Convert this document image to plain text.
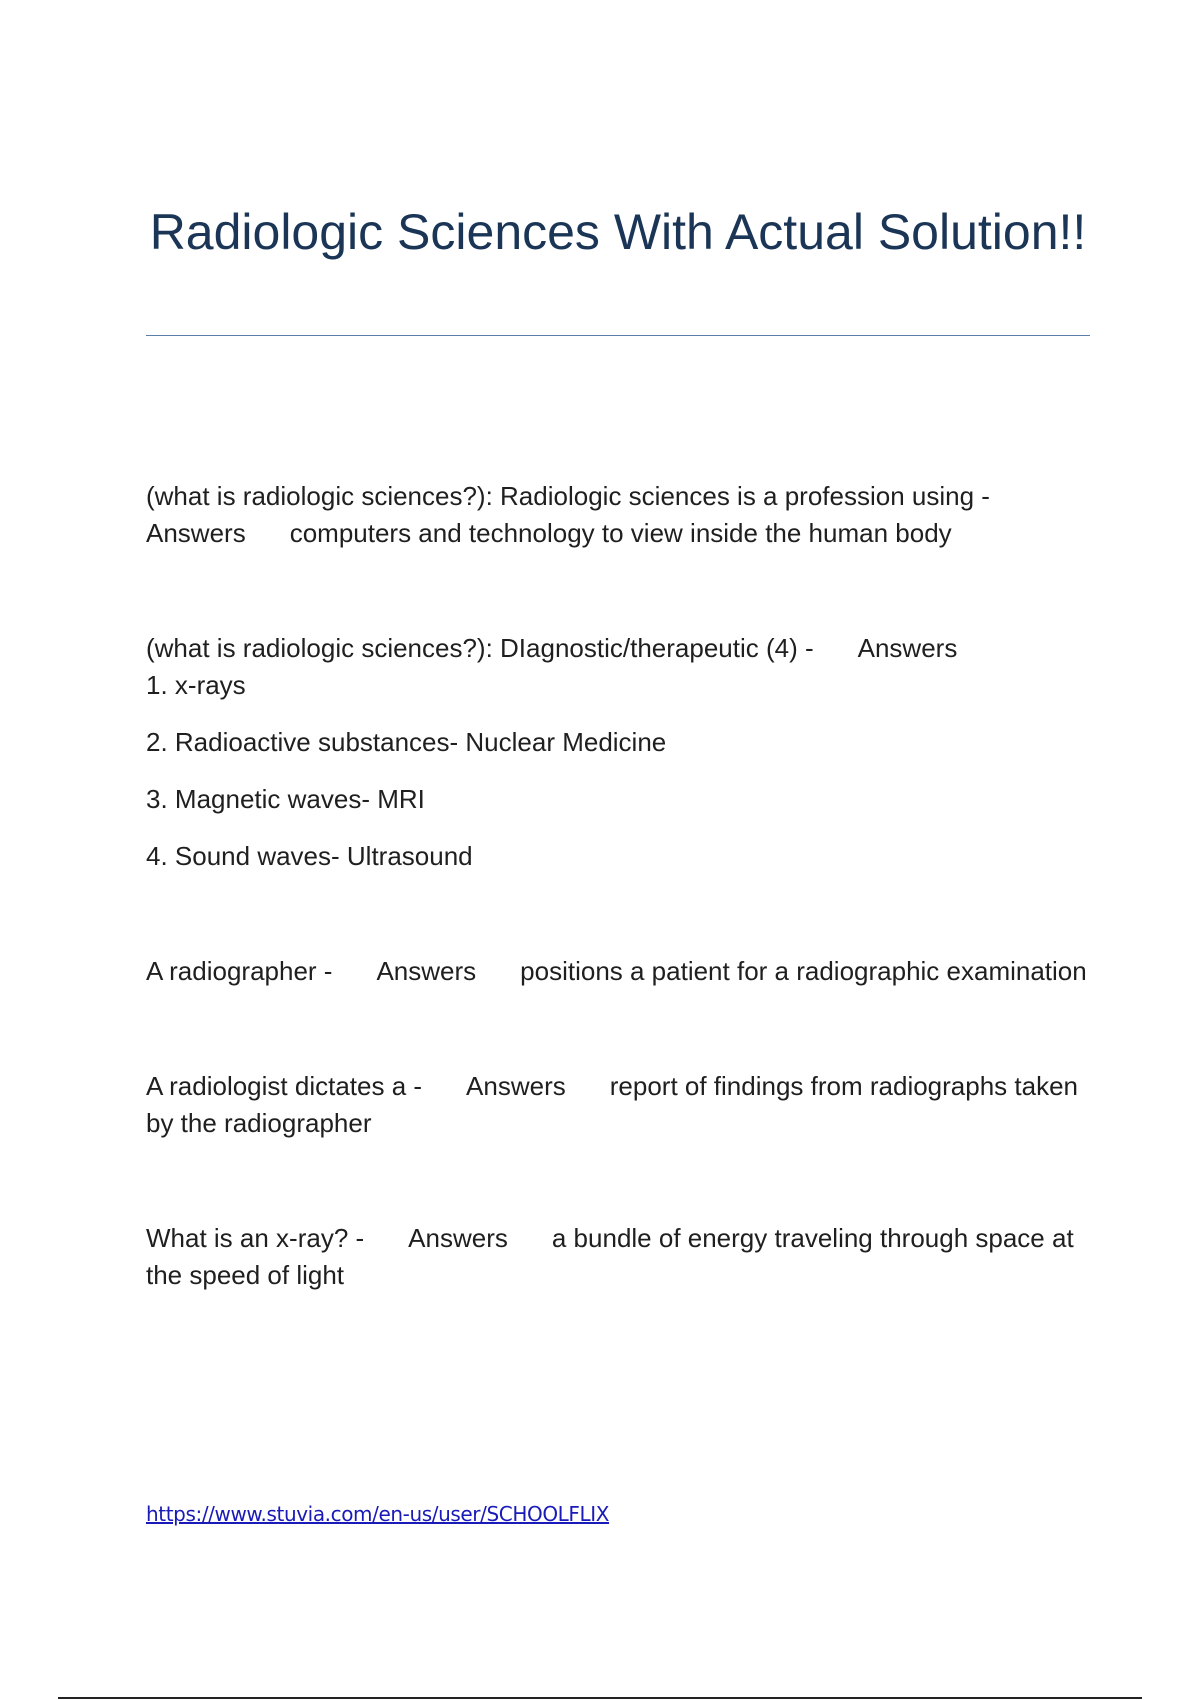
Radiologic Sciences With Actual Solution!!

(what is radiologic sciences?): Radiologic sciences is a profession using - Answers computers and technology to view inside the human body

(what is radiologic sciences?): DIagnostic/therapeutic (4) - Answers
1. x-rays

2. Radioactive substances- Nuclear Medicine

3. Magnetic waves- MRI

4. Sound waves- Ultrasound

A radiographer - Answers positions a patient for a radiographic examination

A radiologist dictates a - Answers report of findings from radiographs taken by the radiographer

What is an x-ray? - Answers a bundle of energy traveling through space at the speed of light

https://www.stuvia.com/en-us/user/SCHOOLFLIX
